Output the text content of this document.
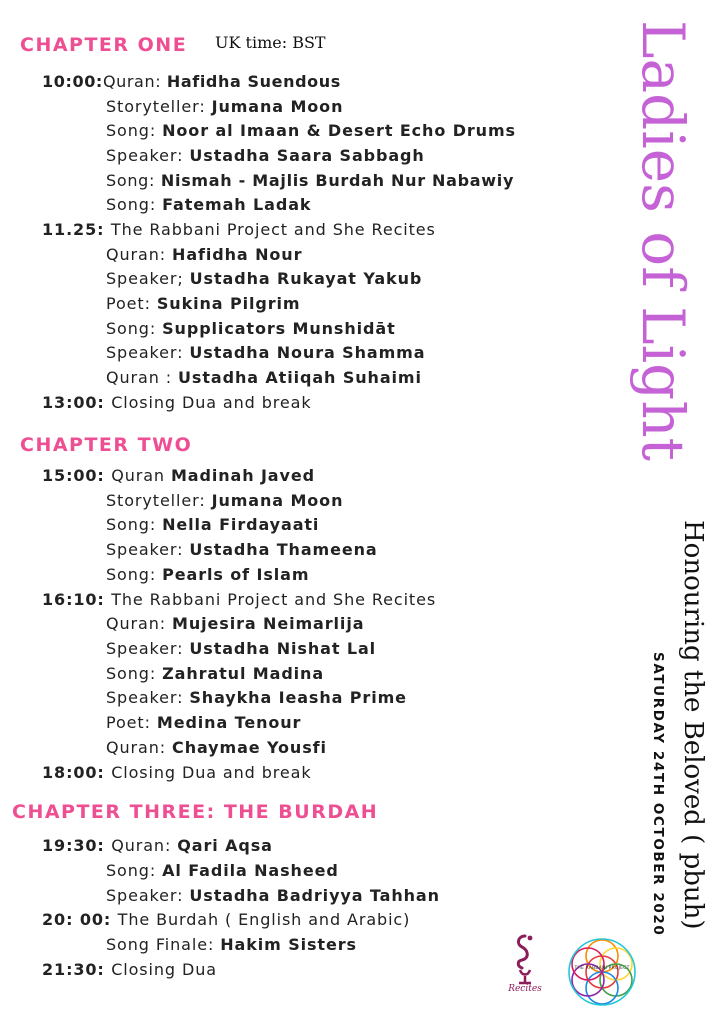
CHAPTER ONE UK time: BST
CHAPTER TWO
CHAPTER THREE: THE BURDAH
10:00:Quran: Hafidha Suendous
Storyteller: Jumana Moon
Song: Noor al Imaan & Desert Echo Drums
Speaker: Ustadha Saara Sabbagh
Song: Nismah - Majlis Burdah Nur Nabawiy
Song: Fatemah Ladak
11.25: The Rabbani Project and She Recites
Quran: Hafidha Nour
Speaker; Ustadha Rukayat Yakub
Poet: Sukina Pilgrim
Song: Supplicators Munshidāt
Speaker: Ustadha Noura Shamma
Quran : Ustadha Atiiqah Suhaimi
13:00: Closing Dua and break
15:00: Quran Madinah Javed
Storyteller: Jumana Moon
Song: Nella Firdayaati
Speaker: Ustadha Thameena
Song: Pearls of Islam
16:10: The Rabbani Project and She Recites
Quran: Mujesira Neimarlija
Speaker: Ustadha Nishat Lal
Song: Zahratul Madina
Speaker: Shaykha Ieasha Prime
Poet: Medina Tenour
Quran: Chaymae Yousfi
18:00: Closing Dua and break
19:30: Quran: Qari Aqsa
Song: Al Fadila Nasheed
Speaker: Ustadha Badriyya Tahhan
20: 00: The Burdah ( English and Arabic)
Song Finale: Hakim Sisters
21:30: Closing Dua
Ladies of Light
Honouring the Beloved ( pbuh)
SATURDAY 24TH OCTOBER 2020
Recites
THE RABBANI PROJECT
